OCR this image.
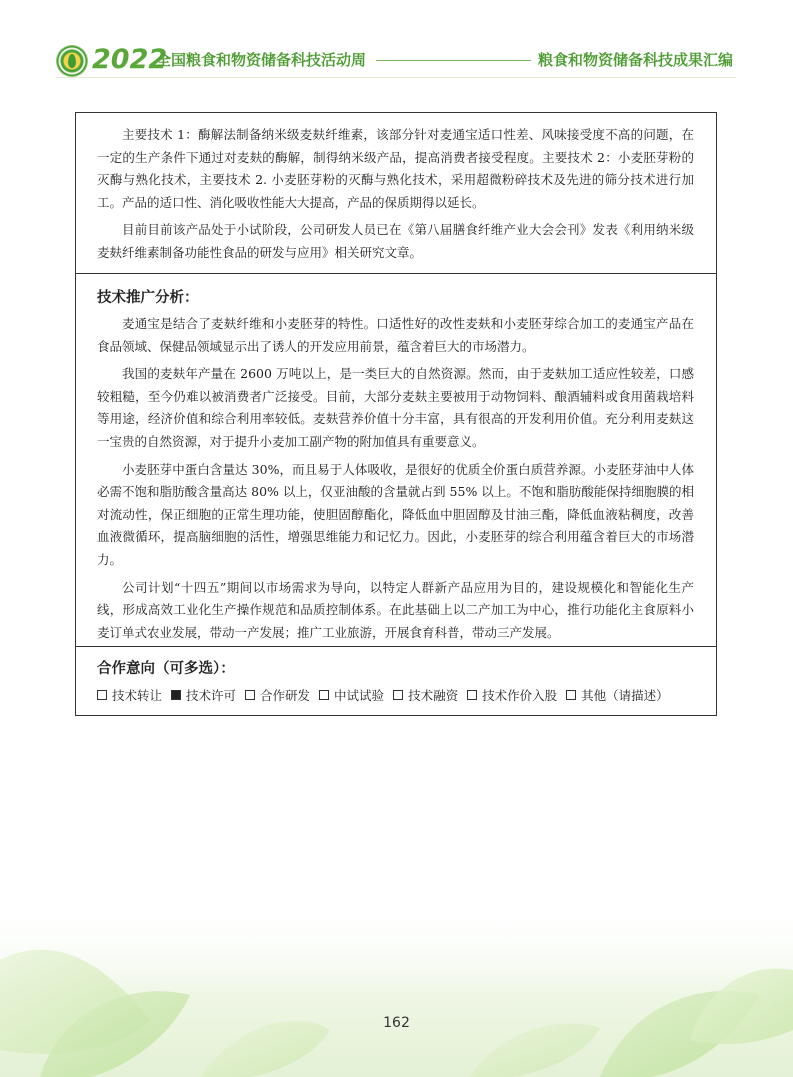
2022
全国粮食和物资储备科技活动周	粮食和物资储备科技成果汇编

主要技术 1：酶解法制备纳米级麦麸纤维素，该部分针对麦通宝适口性差、风味接受度不高的问题，在一定的生产条件下通过对麦麸的酶解，制得纳米级产品，提高消费者接受程度。主要技术 2：小麦胚芽粉的灭酶与熟化技术，主要技术 2. 小麦胚芽粉的灭酶与熟化技术，采用超微粉碎技术及先进的筛分技术进行加工。产品的适口性、消化吸收性能大大提高，产品的保质期得以延长。

目前目前该产品处于小试阶段，公司研发人员已在《第八届膳食纤维产业大会会刊》发表《利用纳米级麦麸纤维素制备功能性食品的研发与应用》相关研究文章。

技术推广分析：

麦通宝是结合了麦麸纤维和小麦胚芽的特性。口适性好的改性麦麸和小麦胚芽综合加工的麦通宝产品在食品领域、保健品领域显示出了诱人的开发应用前景，蕴含着巨大的市场潜力。

我国的麦麸年产量在 2600 万吨以上，是一类巨大的自然资源。然而，由于麦麸加工适应性较差，口感较粗糙，至今仍难以被消费者广泛接受。目前，大部分麦麸主要被用于动物饲料、酿酒辅料或食用菌栽培料等用途，经济价值和综合利用率较低。麦麸营养价值十分丰富，具有很高的开发利用价值。充分利用麦麸这一宝贵的自然资源，对于提升小麦加工副产物的附加值具有重要意义。

小麦胚芽中蛋白含量达 30%，而且易于人体吸收，是很好的优质全价蛋白质营养源。小麦胚芽油中人体必需不饱和脂肪酸含量高达 80% 以上，仅亚油酸的含量就占到 55% 以上。不饱和脂肪酸能保持细胞膜的相对流动性，保正细胞的正常生理功能，使胆固醇酯化，降低血中胆固醇及甘油三酯，降低血液粘稠度，改善血液微循环，提高脑细胞的活性，增强思维能力和记忆力。因此，小麦胚芽的综合利用蕴含着巨大的市场潜力。

公司计划“十四五”期间以市场需求为导向，以特定人群新产品应用为目的，建设规模化和智能化生产线，形成高效工业化生产操作规范和品质控制体系。在此基础上以二产加工为中心，推行功能化主食原料小麦订单式农业发展，带动一产发展；推广工业旅游，开展食育科普，带动三产发展。

合作意向（可多选）：
技术转让 技术许可 合作研发 中试试验 技术融资 技术作价入股 其他（请描述）
162
